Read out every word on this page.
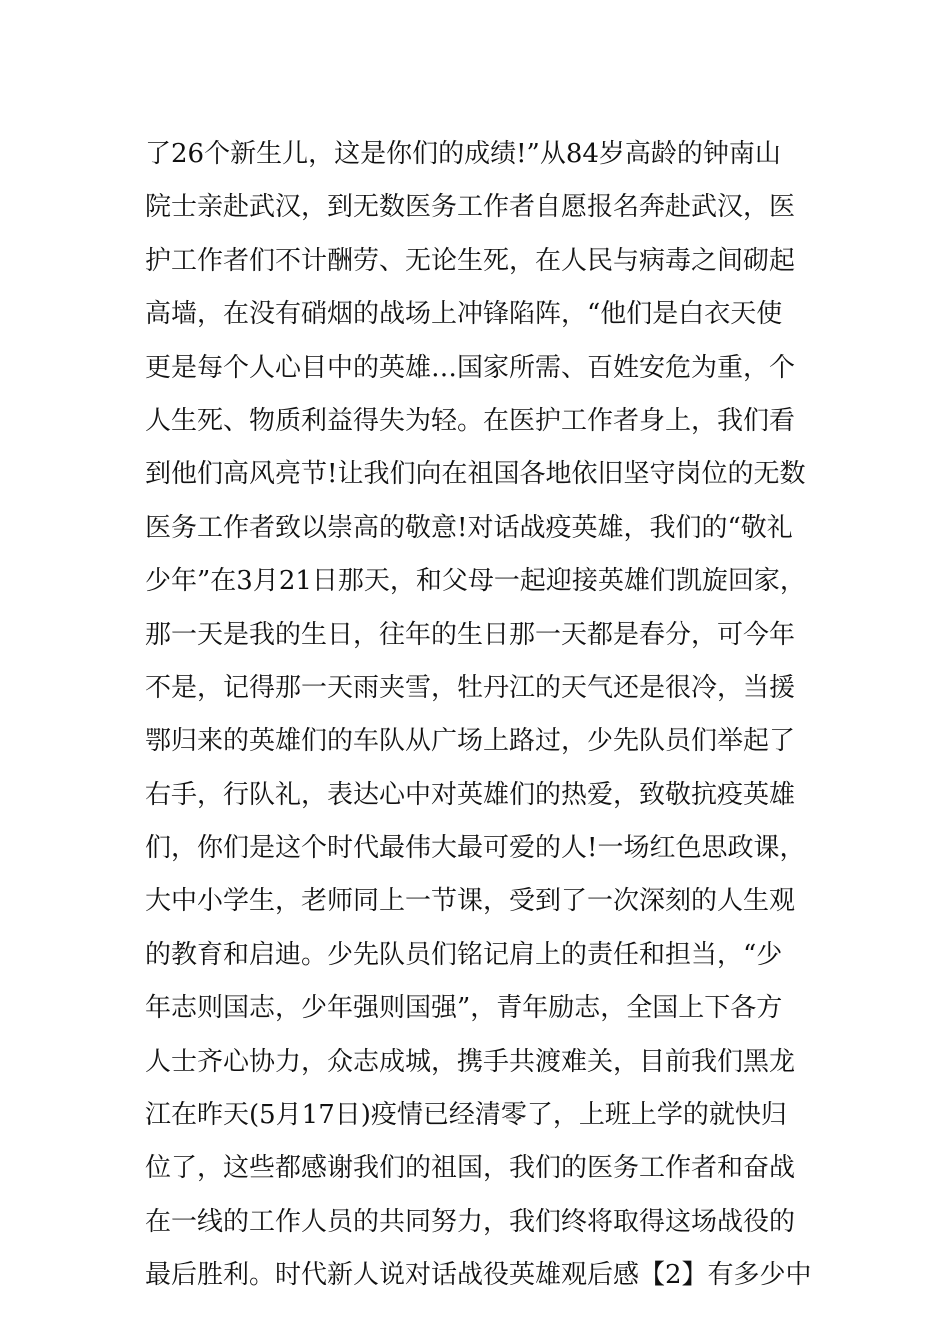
了26个新生儿，这是你们的成绩!”从84岁高龄的钟南山
院士亲赴武汉，到无数医务工作者自愿报名奔赴武汉，医
护工作者们不计酬劳、无论生死，在人民与病毒之间砌起
高墙，在没有硝烟的战场上冲锋陷阵，“他们是白衣天使
更是每个人心目中的英雄…国家所需、百姓安危为重，个
人生死、物质利益得失为轻。在医护工作者身上，我们看
到他们高风亮节!让我们向在祖国各地依旧坚守岗位的无数
医务工作者致以崇高的敬意!对话战疫英雄，我们的“敬礼
少年”在3月21日那天，和父母一起迎接英雄们凯旋回家，
那一天是我的生日，往年的生日那一天都是春分，可今年
不是，记得那一天雨夹雪，牡丹江的天气还是很冷，当援
鄂归来的英雄们的车队从广场上路过，少先队员们举起了
右手，行队礼，表达心中对英雄们的热爱，致敬抗疫英雄
们，你们是这个时代最伟大最可爱的人!一场红色思政课，
大中小学生，老师同上一节课，受到了一次深刻的人生观
的教育和启迪。少先队员们铭记肩上的责任和担当，“少
年志则国志，少年强则国强”，青年励志，全国上下各方
人士齐心协力，众志成城，携手共渡难关，目前我们黑龙
江在昨天(5月17日)疫情已经清零了，上班上学的就快归
位了，这些都感谢我们的祖国，我们的医务工作者和奋战
在一线的工作人员的共同努力，我们终将取得这场战役的
最后胜利。时代新人说对话战役英雄观后感【2】有多少中
